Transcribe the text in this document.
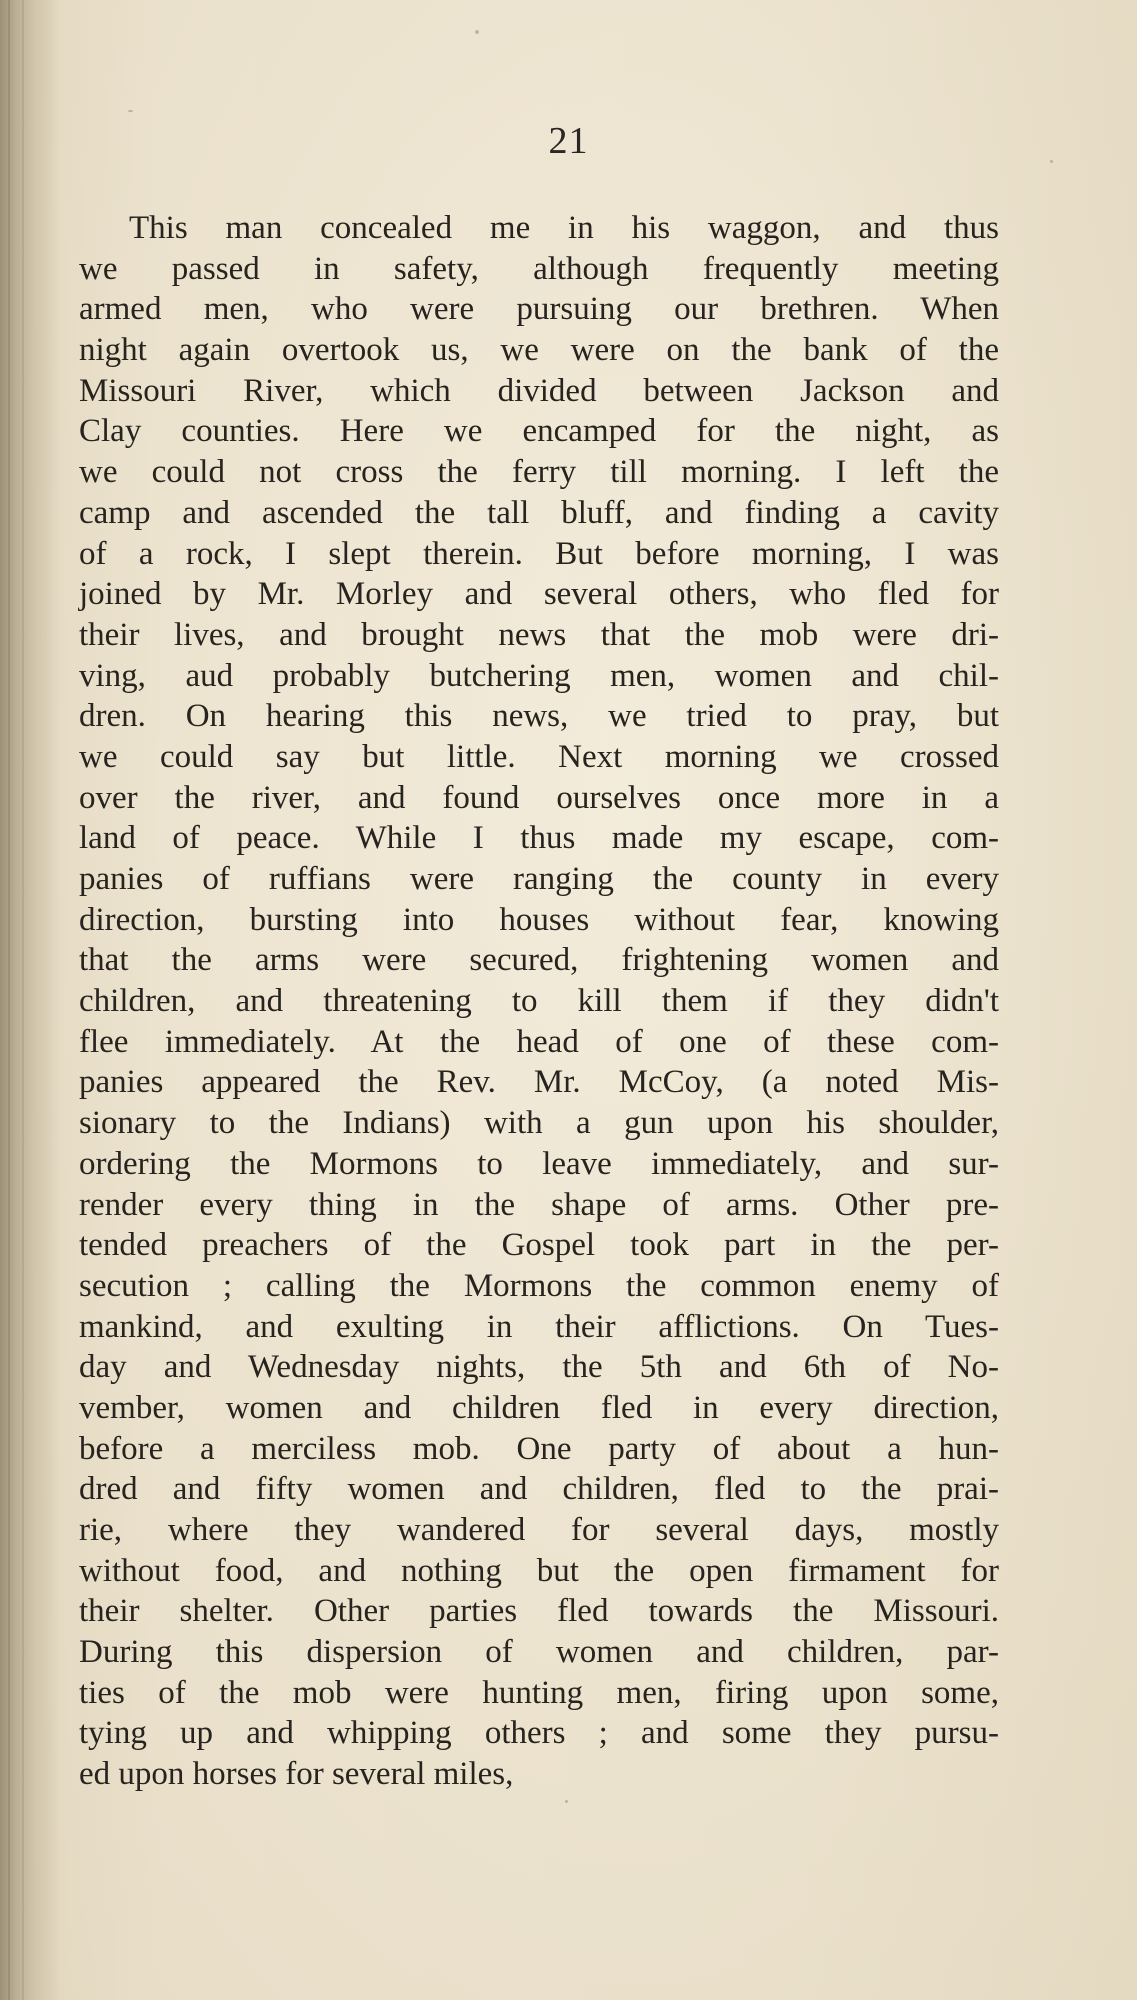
21
This man concealed me in his waggon, and thus
we passed in safety, although frequently meeting
armed men, who were pursuing our brethren. When
night again overtook us, we were on the bank of the
Missouri River, which divided between Jackson and
Clay counties. Here we encamped for the night, as
we could not cross the ferry till morning. I left the
camp and ascended the tall bluff, and finding a cavity
of a rock, I slept therein. But before morning, I was
joined by Mr. Morley and several others, who fled for
their lives, and brought news that the mob were dri-
ving, aud probably butchering men, women and chil-
dren. On hearing this news, we tried to pray, but
we could say but little. Next morning we crossed
over the river, and found ourselves once more in a
land of peace. While I thus made my escape, com-
panies of ruffians were ranging the county in every
direction, bursting into houses without fear, knowing
that the arms were secured, frightening women and
children, and threatening to kill them if they didn't
flee immediately. At the head of one of these com-
panies appeared the Rev. Mr. McCoy, (a noted Mis-
sionary to the Indians) with a gun upon his shoulder,
ordering the Mormons to leave immediately, and sur-
render every thing in the shape of arms. Other pre-
tended preachers of the Gospel took part in the per-
secution ; calling the Mormons the common enemy of
mankind, and exulting in their afflictions. On Tues-
day and Wednesday nights, the 5th and 6th of No-
vember, women and children fled in every direction,
before a merciless mob. One party of about a hun-
dred and fifty women and children, fled to the prai-
rie, where they wandered for several days, mostly
without food, and nothing but the open firmament for
their shelter. Other parties fled towards the Missouri.
During this dispersion of women and children, par-
ties of the mob were hunting men, firing upon some,
tying up and whipping others ; and some they pursu-
ed upon horses for several miles,
